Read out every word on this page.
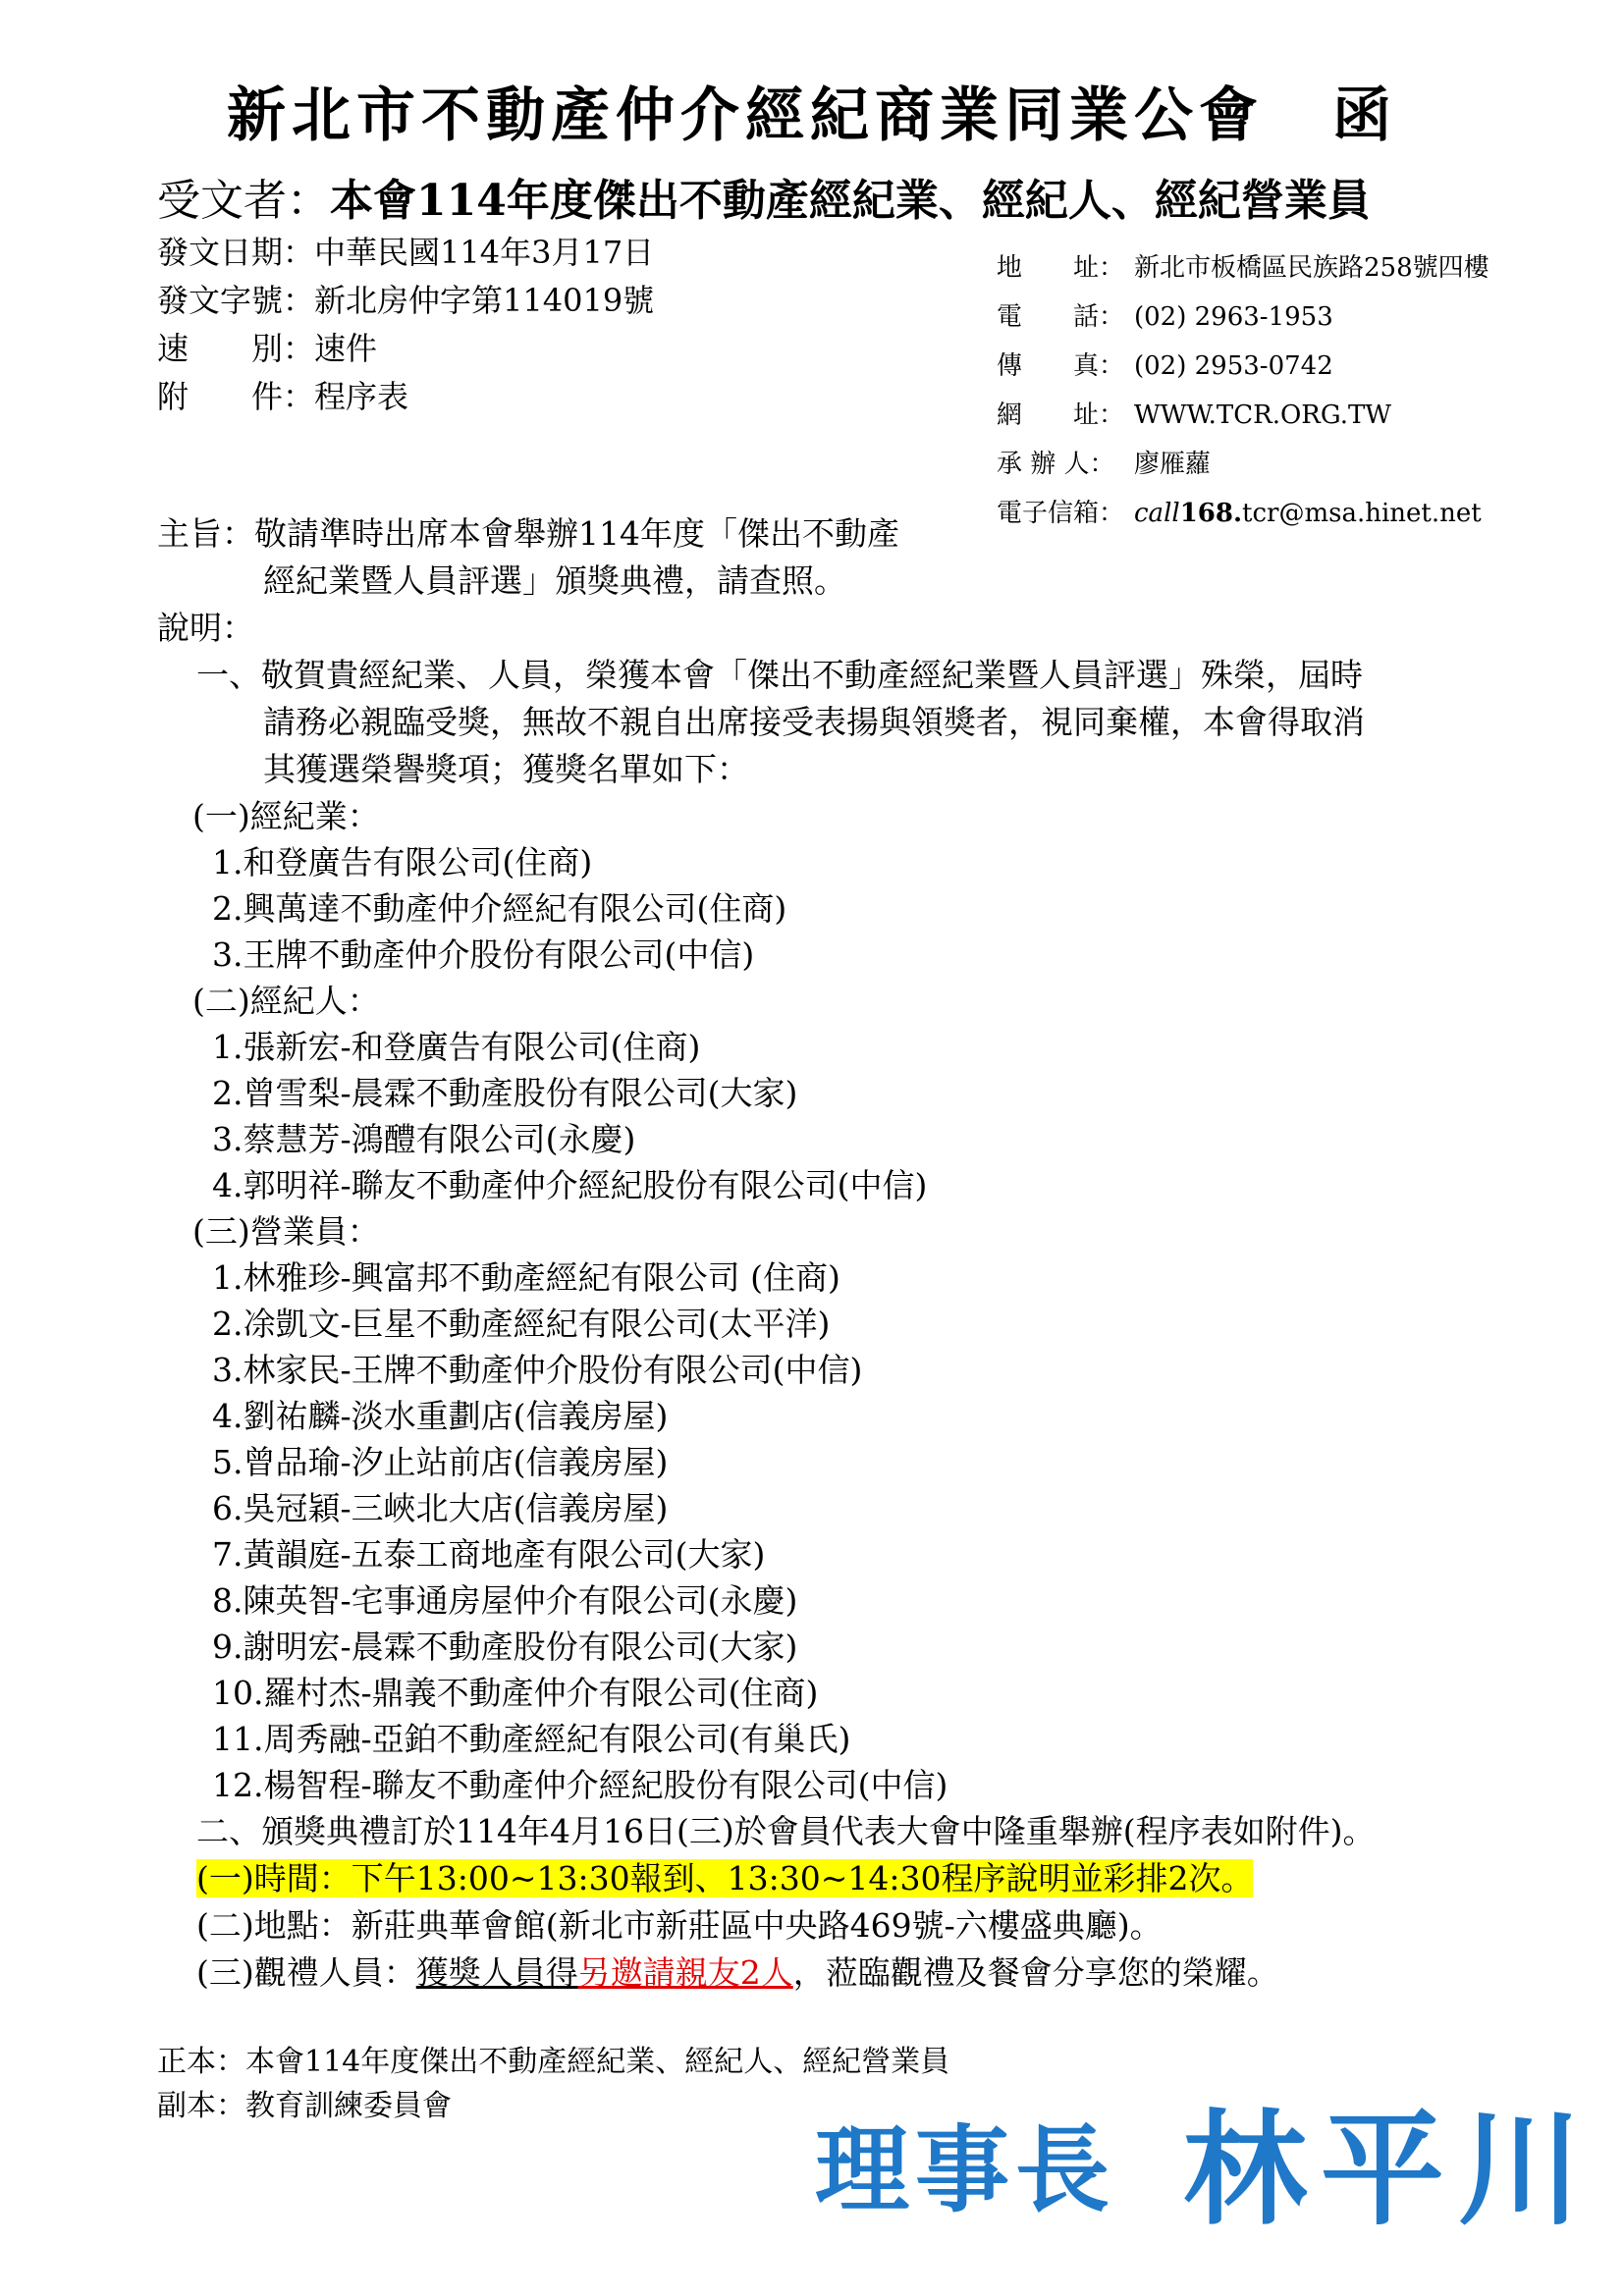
新北市不動產仲介經紀商業同業公會 函
受文者：本會114年度傑出不動產經紀業、經紀人、經紀營業員
發文日期：中華民國114年3月17日
發文字號：新北房仲字第114019號
速　　別：速件
附　　件：程序表
地　　址： 新北市板橋區民族路258號四樓
電　　話： (02) 2963-1953
傳　　真： (02) 2953-0742
網　　址： WWW.TCR.ORG.TW
承 辦 人： 廖雁蘿
電子信箱： call168.tcr@msa.hinet.net
主旨：敬請準時出席本會舉辦114年度「傑出不動產
經紀業暨人員評選」頒獎典禮，請查照。
說明：
一、敬賀貴經紀業、人員，榮獲本會「傑出不動產經紀業暨人員評選」殊榮，屆時
請務必親臨受獎，無故不親自出席接受表揚與領獎者，視同棄權，本會得取消
其獲選榮譽獎項；獲獎名單如下：
(一)經紀業：
1.和登廣告有限公司(住商)
2.興萬達不動產仲介經紀有限公司(住商)
3.王牌不動產仲介股份有限公司(中信)
(二)經紀人：
1.張新宏-和登廣告有限公司(住商)
2.曾雪梨-晨霖不動產股份有限公司(大家)
3.蔡慧芳-鴻醴有限公司(永慶)
4.郭明祥-聯友不動產仲介經紀股份有限公司(中信)
(三)營業員：
1.林雅珍-興富邦不動產經紀有限公司 (住商)
2.凃凱文-巨星不動產經紀有限公司(太平洋)
3.林家民-王牌不動產仲介股份有限公司(中信)
4.劉祐麟-淡水重劃店(信義房屋)
5.曾品瑜-汐止站前店(信義房屋)
6.吳冠穎-三峽北大店(信義房屋)
7.黃韻庭-五泰工商地產有限公司(大家)
8.陳英智-宅事通房屋仲介有限公司(永慶)
9.謝明宏-晨霖不動產股份有限公司(大家)
10.羅村杰-鼎義不動產仲介有限公司(住商)
11.周秀融-亞鉑不動產經紀有限公司(有巢氏)
12.楊智程-聯友不動產仲介經紀股份有限公司(中信)
二、頒獎典禮訂於114年4月16日(三)於會員代表大會中隆重舉辦(程序表如附件)。
(一)時間：下午13:00~13:30報到、13:30~14:30程序說明並彩排2次。
(二)地點：新莊典華會館(新北市新莊區中央路469號-六樓盛典廳)。
(三)觀禮人員：獲獎人員得另邀請親友2人，蒞臨觀禮及餐會分享您的榮耀。
正本：本會114年度傑出不動產經紀業、經紀人、經紀營業員
副本：教育訓練委員會
理事長 林平川
